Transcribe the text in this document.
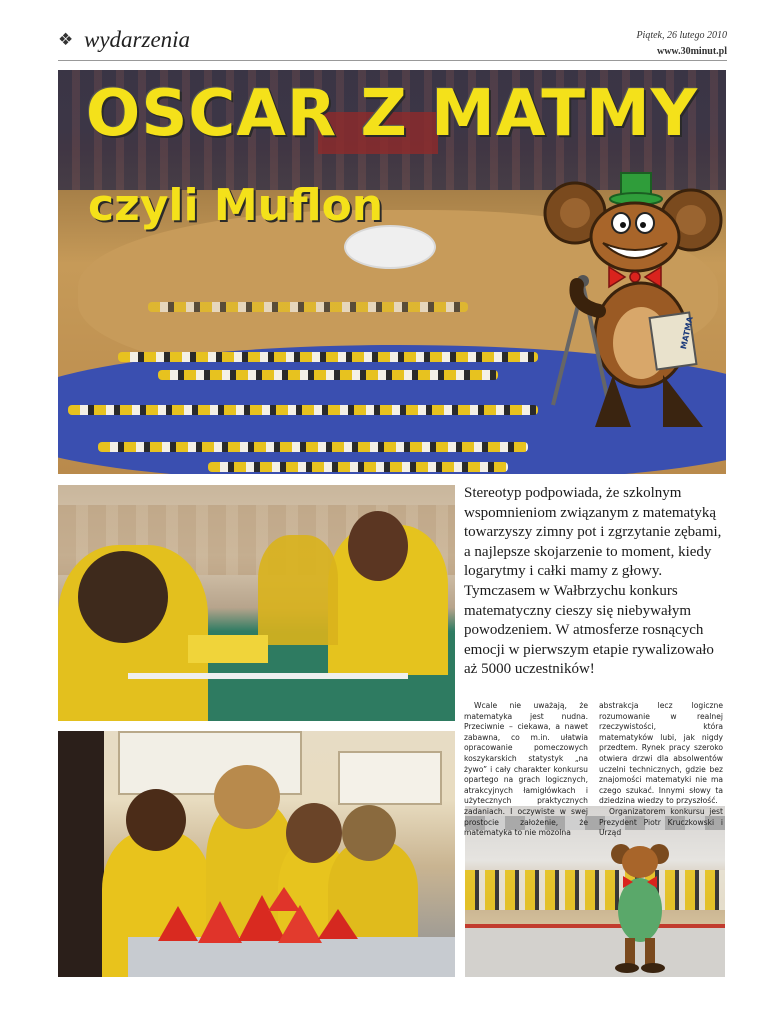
❖ wydarzenia	Piątek, 26 lutego 2010
www.30minut.pl
OSCAR Z MATMY
czyli Muflon
MATMA
Stereotyp podpowiada, że szkolnym wspomnieniom związanym z matematyką towarzyszy zimny pot i zgrzytanie zębami, a najlepsze skojarzenie to moment, kiedy logarytmy i całki mamy z głowy. Tymczasem w Wałbrzychu konkurs matematyczny cieszy się niebywałym powodzeniem. W atmosferze rosnących emocji w pierwszym etapie rywalizowało aż 5000 uczestników!

Wcale nie uważają, że matematyka jest nudna. Przeciwnie – ciekawa, a nawet zabawna, co m.in. ułatwia opracowanie pomeczowych koszykarskich statystyk „na żywo” i cały charakter konkursu opartego na grach logicznych, atrakcyjnych łamigłówkach i użytecznych praktycznych zadaniach. I oczywiste w swej prostocie założenie, że matematyka to nie mozolna

abstrakcja lecz logiczne rozumowanie w realnej rzeczywistości, która matematyków lubi, jak nigdy przedtem. Rynek pracy szeroko otwiera drzwi dla absolwentów uczelni technicznych, gdzie bez znajomości matematyki nie ma czego szukać. Innymi słowy ta dziedzina wiedzy to przyszłość.

Organizatorem konkursu jest Prezydent Piotr Kruczkowski i Urząd
